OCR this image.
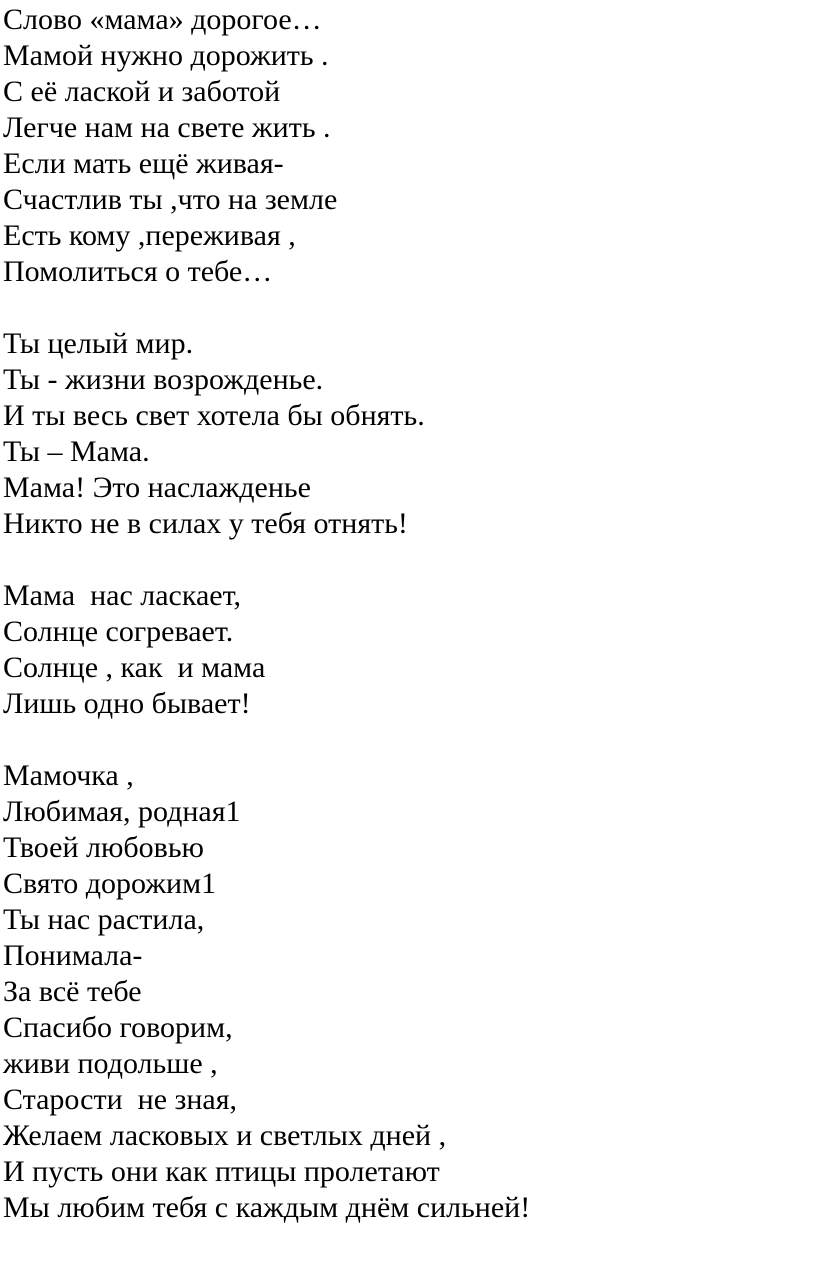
Слово «мама» дорогое…
Мамой нужно дорожить .
С её лаской и заботой
Легче нам на свете жить .
Если мать ещё живая-
Счастлив ты ,что на земле
Есть кому ,переживая ,
Помолиться о тебе…
Ты целый мир.
Ты - жизни возрожденье.
И ты весь свет хотела бы обнять.
Ты – Мама.
Мама! Это наслажденье
Никто не в силах у тебя отнять!
Мама  нас ласкает,
Солнце согревает.
Солнце , как  и мама
Лишь одно бывает!
Мамочка ,
Любимая, родная1
Твоей любовью
Свято дорожим1
Ты нас растила,
Понимала-
За всё тебе
Спасибо говорим,
живи подольше ,
Старости  не зная,
Желаем ласковых и светлых дней ,
И пусть они как птицы пролетают
Мы любим тебя с каждым днём сильней!
